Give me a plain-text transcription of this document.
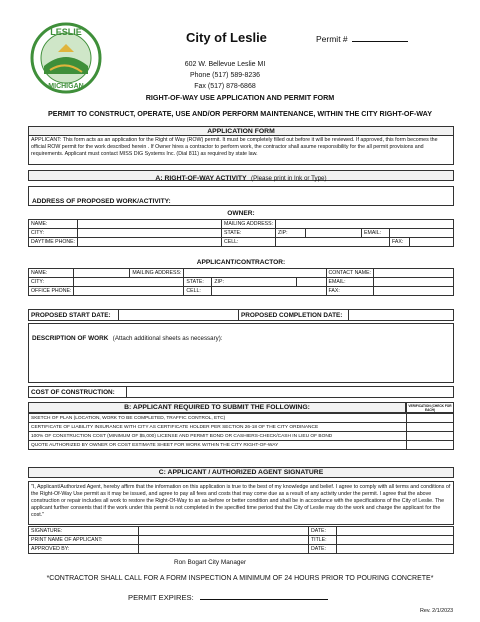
LESLIE
MICHIGAN
City of Leslie	Permit #
602 W. Bellevue Leslie MI
Phone (517) 589-8236
Fax (517) 878-6868
RIGHT-OF-WAY USE APPLICATION AND PERMIT FORM
PERMIT TO CONSTRUCT, OPERATE, USE AND/OR PERFORM MAINTENANCE, WITHIN THE CITY RIGHT-OF-WAY
APPLICATION FORM
APPLICANT: This form acts as an application for the Right of Way (ROW) permit. It must be completely filled out before it will be reviewed. If approved, this form becomes the official ROW permit for the work described herein . If Owner hires a contractor to perform work, the contractor shall asume responsibility for the all permit provisions and requirements. Applicant must contact MISS DIG Systems Inc. (Dial 811) as required by state law.
A: RIGHT-OF-WAY ACTIVITY (Please print in Ink or Type)
ADDRESS OF PROPOSED WORK/ACTIVITY:
OWNER:
NAME:		MAILING ADDRESS:					
CITY:		STATE:	ZIP:		EMAIL:		
DAYTIME PHONE:		CELL:				FAX:	
APPLICANT/CONTRACTOR:
NAME:		MAILING ADDRESS:				CONTACT NAME:	
CITY:			STATE:	ZIP:		EMAIL:	
OFFICE PHONE:			CELL:			FAX:	
PROPOSED START DATE:		PROPOSED COMPLETION DATE:	
DESCRIPTION OF WORK (Attach additional sheets as necessary):
COST OF CONSTRUCTION:	
B: APPLICANT REQUIRED TO SUBMIT THE FOLLOWING:	VERIFICATION (CHECK FOR EACH)
SKETCH OF PLAN (LOCATION, WORK TO BE COMPLETED, TRAFFIC CONTROL, ETC)	
CERTIFICATE OF LIABILITY INSURANCE WITH CITY AS CERTIFICATE HOLDER PER SECTION 26-18 OF THE CITY ORDINANCE	
100% OF CONSTRUCTION COST (MINIMUM OF $5,000) LICENSE AND PERMIT BOND OR CASHIERS-CHECK/CASH IN LIEU OF BOND	
QUOTE AUTHORIZED BY OWNER OR COST ESTIMATE SHEET FOR WORK WITHIN THE CITY RIGHT-OF-WAY	
C: APPLICANT / AUTHORIZED AGENT SIGNATURE
"I, Applicant/Authorized Agent, hereby affirm that the information on this application is true to the best of my knowledge and belief. I agree to comply with all terms and conditions of the Right-Of-Way Use permit as it may be issued, and agree to pay all fees and costs that may come due as a result of any activity under the permit. I agree that the above construction or repair includes all work to restore the Right-Of-Way to an as-before or better condition and shall be in accordance with the specifications of the City of Leslie. The applicant further consents that if the work under this permit is not completed in the specified time period that the City of Leslie may do the work and charge the applicant for the cost."
SIGNATURE:		DATE:	
PRINT NAME OF APPLICANT:		TITLE:	
APPROVED BY:		DATE:	
Ron Bogart City Manager
*CONTRACTOR SHALL CALL FOR A FORM INSPECTION A MINIMUM OF 24 HOURS PRIOR TO POURING CONCRETE*
PERMIT EXPIRES:
Rev. 2/1/2023
